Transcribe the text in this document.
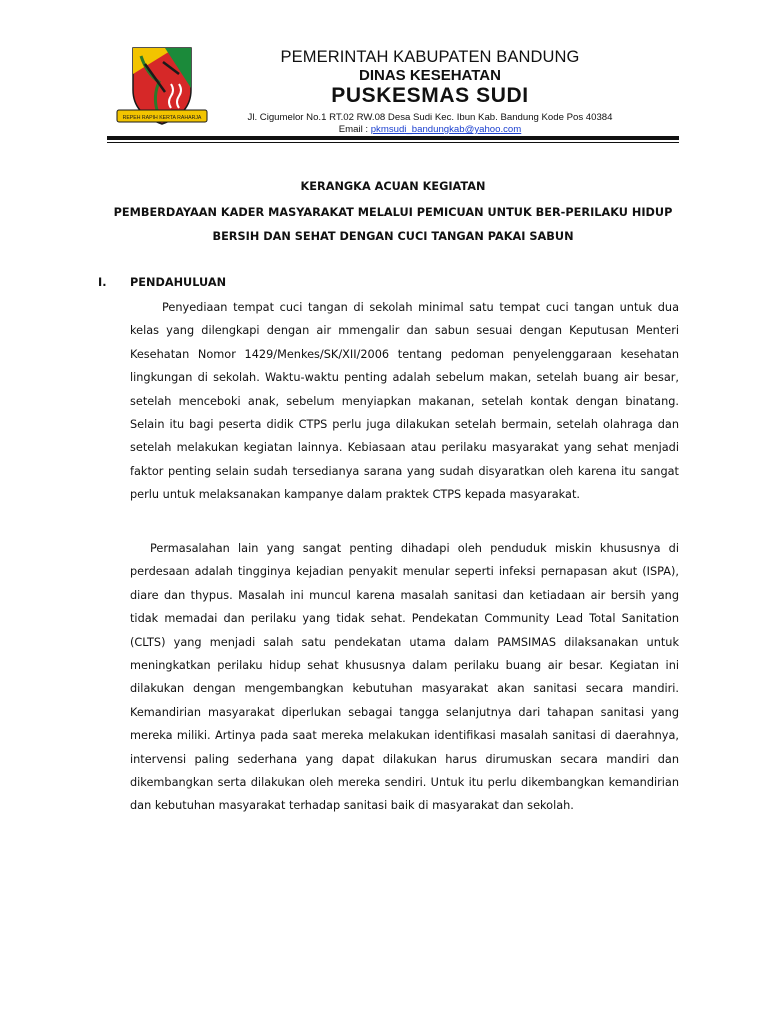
REPEH RAPIH KERTA RAHARJA
PEMERINTAH KABUPATEN BANDUNG
DINAS KESEHATAN
PUSKESMAS SUDI
Jl. Cigumelor No.1 RT.02 RW.08 Desa Sudi Kec. Ibun Kab. Bandung Kode Pos 40384
Email : pkmsudi_bandungkab@yahoo.com
KERANGKA ACUAN KEGIATAN
PEMBERDAYAAN KADER MASYARAKAT MELALUI PEMICUAN UNTUK BER-PERILAKU HIDUP
BERSIH DAN SEHAT DENGAN CUCI TANGAN PAKAI SABUN
I. PENDAHULUAN

Penyediaan tempat cuci tangan di sekolah minimal satu tempat cuci tangan untuk dua kelas yang dilengkapi dengan air mmengalir dan sabun sesuai dengan Keputusan Menteri Kesehatan Nomor 1429/Menkes/SK/XII/2006 tentang pedoman penyelenggaraan kesehatan lingkungan di sekolah. Waktu-waktu penting adalah sebelum makan, setelah buang air besar, setelah menceboki anak, sebelum menyiapkan makanan, setelah kontak dengan binatang. Selain itu bagi peserta didik CTPS perlu juga dilakukan setelah bermain, setelah olahraga dan setelah melakukan kegiatan lainnya. Kebiasaan atau perilaku masyarakat yang sehat menjadi faktor penting selain sudah tersedianya sarana yang sudah disyaratkan oleh karena itu sangat perlu untuk melaksanakan kampanye dalam praktek CTPS kepada masyarakat.

Permasalahan lain yang sangat penting dihadapi oleh penduduk miskin khususnya di perdesaan adalah tingginya kejadian penyakit menular seperti infeksi pernapasan akut (ISPA), diare dan thypus. Masalah ini muncul karena masalah sanitasi dan ketiadaan air bersih yang tidak memadai dan perilaku yang tidak sehat. Pendekatan Community Lead Total Sanitation (CLTS) yang menjadi salah satu pendekatan utama dalam PAMSIMAS dilaksanakan untuk meningkatkan perilaku hidup sehat khususnya dalam perilaku buang air besar. Kegiatan ini dilakukan dengan mengembangkan kebutuhan masyarakat akan sanitasi secara mandiri. Kemandirian masyarakat diperlukan sebagai tangga selanjutnya dari tahapan sanitasi yang mereka miliki. Artinya pada saat mereka melakukan identifikasi masalah sanitasi di daerahnya, intervensi paling sederhana yang dapat dilakukan harus dirumuskan secara mandiri dan dikembangkan serta dilakukan oleh mereka sendiri. Untuk itu perlu dikembangkan kemandirian dan kebutuhan masyarakat terhadap sanitasi baik di masyarakat dan sekolah.
